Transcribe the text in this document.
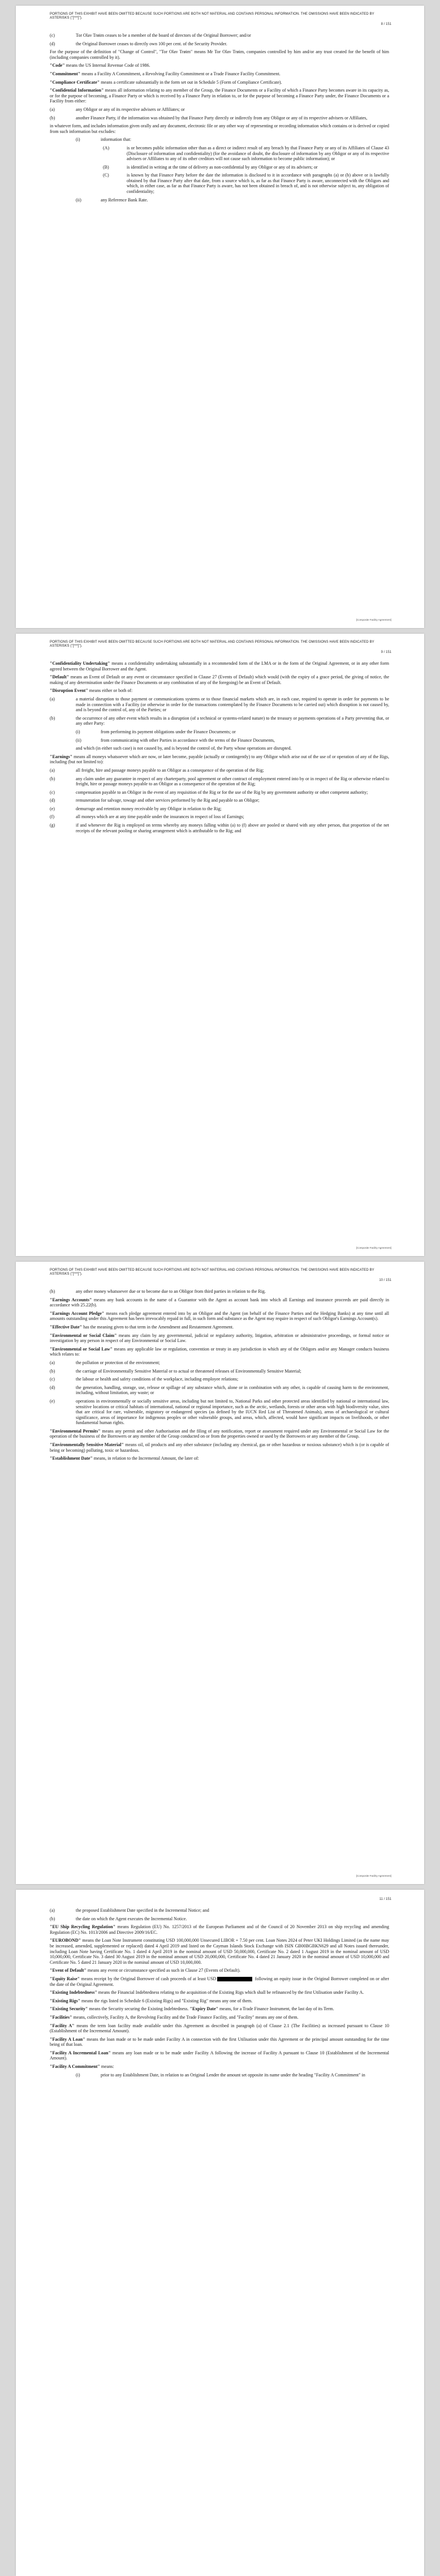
PORTIONS OF THIS EXHIBIT HAVE BEEN OMITTED BECAUSE SUCH PORTIONS ARE BOTH NOT MATERIAL AND CONTAINS PERSONAL INFORMATION. THE OMISSIONS HAVE BEEN INDICATED BY ASTERISKS ("[***]").
8 / 151
(c)	Tor Olav Trøim ceases to be a member of the board of directors of the Original Borrower; and/or
(d)	the Original Borrower ceases to directly own 100 per cent. of the Security Provider.

For the purpose of the definition of "Change of Control", "Tor Olav Trøim" means Mr Tor Olav Trøim, companies controlled by him and/or any trust created for the benefit of him (including companies controlled by it).

"Code" means the US Internal Revenue Code of 1986.

"Commitment" means a Facility A Commitment, a Revolving Facility Commitment or a Trade Finance Facility Commitment.

"Compliance Certificate" means a certificate substantially in the form set out in Schedule 5 (Form of Compliance Certificate).

"Confidential Information" means all information relating to any member of the Group, the Finance Documents or a Facility of which a Finance Party becomes aware in its capacity as, or for the purpose of becoming, a Finance Party or which is received by a Finance Party in relation to, or for the purpose of becoming a Finance Party under, the Finance Documents or a Facility from either:

(a)	any Obligor or any of its respective advisers or Affiliates; or
(b)	another Finance Party, if the information was obtained by that Finance Party directly or indirectly from any Obligor or any of its respective advisers or Affiliates,

in whatever form, and includes information given orally and any document, electronic file or any other way of representing or recording information which contains or is derived or copied from such information but excludes:

(i)	information that:
(A)	is or becomes public information other than as a direct or indirect result of any breach by that Finance Party or any of its Affiliates of Clause 43 (Disclosure of information and confidentiality) (for the avoidance of doubt, the disclosure of information by any Obligor or any of its respective advisers or Affiliates to any of its other creditors will not cause such information to become public information); or
(B)	is identified in writing at the time of delivery as non-confidential by any Obligor or any of its advisers; or
(C)	is known by that Finance Party before the date the information is disclosed to it in accordance with paragraphs (a) or (b) above or is lawfully obtained by that Finance Party after that date, from a source which is, as far as that Finance Party is aware, unconnected with the Obligors and which, in either case, as far as that Finance Party is aware, has not been obtained in breach of, and is not otherwise subject to, any obligation of confidentiality;
(ii)	any Reference Bank Rate.
[Composite Facility Agreement]
PORTIONS OF THIS EXHIBIT HAVE BEEN OMITTED BECAUSE SUCH PORTIONS ARE BOTH NOT MATERIAL AND CONTAINS PERSONAL INFORMATION. THE OMISSIONS HAVE BEEN INDICATED BY ASTERISKS ("[***]").
9 / 151

"Confidentiality Undertaking" means a confidentiality undertaking substantially in a recommended form of the LMA or in the form of the Original Agreement, or in any other form agreed between the Original Borrower and the Agent.

"Default" means an Event of Default or any event or circumstance specified in Clause 27 (Events of Default) which would (with the expiry of a grace period, the giving of notice, the making of any determination under the Finance Documents or any combination of any of the foregoing) be an Event of Default.

"Disruption Event" means either or both of:

(a)	a material disruption to those payment or communications systems or to those financial markets which are, in each case, required to operate in order for payments to be made in connection with a Facility (or otherwise in order for the transactions contemplated by the Finance Documents to be carried out) which disruption is not caused by, and is beyond the control of, any of the Parties; or
(b)	the occurrence of any other event which results in a disruption (of a technical or systems-related nature) to the treasury or payments operations of a Party preventing that, or any other Party:
(i)	from performing its payment obligations under the Finance Documents; or
(ii)	from communicating with other Parties in accordance with the terms of the Finance Documents,

and which (in either such case) is not caused by, and is beyond the control of, the Party whose operations are disrupted.

"Earnings" means all moneys whatsoever which are now, or later become, payable (actually or contingently) to any Obligor which arise out of the use of or operation of any of the Rigs, including (but not limited to):

(a)	all freight, hire and passage moneys payable to an Obligor as a consequence of the operation of the Rig;
(b)	any claim under any guarantee in respect of any charterparty, pool agreement or other contract of employment entered into by or in respect of the Rig or otherwise related to freight, hire or passage moneys payable to an Obligor as a consequence of the operation of the Rig;
(c)	compensation payable to an Obligor in the event of any requisition of the Rig or for the use of the Rig by any government authority or other competent authority;
(d)	remuneration for salvage, towage and other services performed by the Rig and payable to an Obligor;
(e)	demurrage and retention money receivable by any Obligor in relation to the Rig;
(f)	all moneys which are at any time payable under the insurances in respect of loss of Earnings;
(g)	if and whenever the Rig is employed on terms whereby any moneys falling within (a) to (f) above are pooled or shared with any other person, that proportion of the net receipts of the relevant pooling or sharing arrangement which is attributable to the Rig; and
[Composite Facility Agreement]
PORTIONS OF THIS EXHIBIT HAVE BEEN OMITTED BECAUSE SUCH PORTIONS ARE BOTH NOT MATERIAL AND CONTAINS PERSONAL INFORMATION. THE OMISSIONS HAVE BEEN INDICATED BY ASTERISKS ("[***]").
10 / 151
(h)	any other money whatsoever due or to become due to an Obligor from third parties in relation to the Rig.

"Earnings Accounts" means any bank accounts in the name of a Guarantor with the Agent as account bank into which all Earnings and insurance proceeds are paid directly in accordance with 25.22(b).

"Earnings Account Pledge" means each pledge agreement entered into by an Obligor and the Agent (on behalf of the Finance Parties and the Hedging Banks) at any time until all amounts outstanding under this Agreement has been irrevocably repaid in full, in such form and substance as the Agent may require in respect of such Obligor's Earnings Account(s).

"Effective Date" has the meaning given to that term in the Amendment and Restatement Agreement.

"Environmental or Social Claim" means any claim by any governmental, judicial or regulatory authority, litigation, arbitration or administrative proceedings, or formal notice or investigation by any person in respect of any Environmental or Social Law.

"Environmental or Social Law" means any applicable law or regulation, convention or treaty in any jurisdiction in which any of the Obligors and/or any Manager conducts business which relates to:

(a)	the pollution or protection of the environment;
(b)	the carriage of Environmentally Sensitive Material or to actual or threatened releases of Environmentally Sensitive Material;
(c)	the labour or health and safety conditions of the workplace, including employee relations;
(d)	the generation, handling, storage, use, release or spillage of any substance which, alone or in combination with any other, is capable of causing harm to the environment, including, without limitation, any waste; or
(e)	operations in environmentally or socially sensitive areas, including but not limited to, National Parks and other protected areas identified by national or international law, sensitive locations or critical habitats of international, national or regional importance, such as the arctic, wetlands, forests or other areas with high biodiversity value, sites that are critical for rare, vulnerable, migratory or endangered species (as defined by the IUCN Red List of Threatened Animals), areas of archaeological or cultural significance, areas of importance for indigenous peoples or other vulnerable groups, and areas, which, affected, would have significant impacts on livelihoods, or other fundamental human rights.

"Environmental Permits" means any permit and other Authorisation and the filing of any notification, report or assessment required under any Environmental or Social Law for the operation of the business of the Borrowers or any member of the Group conducted on or from the properties owned or used by the Borrowers or any member of the Group.

"Environmentally Sensitive Material" means oil, oil products and any other substance (including any chemical, gas or other hazardous or noxious substance) which is (or is capable of being or becoming) polluting, toxic or hazardous.

"Establishment Date" means, in relation to the Incremental Amount, the later of:

[Composite Facility Agreement]
11 / 151
(a)	the proposed Establishment Date specified in the Incremental Notice; and
(b)	the date on which the Agent executes the Incremental Notice.

"EU Ship Recycling Regulation" means Regulation (EU) No. 1257/2013 of the European Parliament and of the Council of 20 November 2013 on ship recycling and amending Regulation (EC) No. 1013/2006 and Directive 2009/16/EC.

"EUROBOND" means the Loan Note Instrument constituting USD 100,000,000 Unsecured LIBOR + 7.50 per cent. Loan Notes 2024 of Peter UKI Holdings Limited (as the name may be increased, amended, supplemented or replaced) dated 4 April 2019 and listed on the Cayman Islands Stock Exchange with ISIN GB00BGBKN629 and all Notes issued thereunder, including Loan Note having Certificate No. 1 dated 4 April 2019 in the nominal amount of USD 50,000,000, Certificate No. 2 dated 1 August 2019 in the nominal amount of USD 10,000,000, Certificate No. 3 dated 30 August 2019 in the nominal amount of USD 20,000,000, Certificate No. 4 dated 21 January 2020 in the nominal amount of USD 10,000,000 and Certificate No. 5 dated 21 January 2020 in the nominal amount of USD 10,000,000.

"Event of Default" means any event or circumstance specified as such in Clause 27 (Events of Default).

"Equity Raise" means receipt by the Original Borrower of cash proceeds of at least USD	following an equity issue in the Original Borrower completed on or after the date of the Original Agreement.

"Existing Indebtedness" means the Financial Indebtedness relating to the acquisition of the Existing Rigs which shall be refinanced by the first Utilisation under Facility A.

"Existing Rigs" means the rigs listed in Schedule 6 (Existing Rigs) and "Existing Rig" means any one of them.

"Existing Security" means the Security securing the Existing Indebtedness. "Expiry Date" means, for a Trade Finance Instrument, the last day of its Term.

"Facilities" means, collectively, Facility A, the Revolving Facility and the Trade Finance Facility, and "Facility" means any one of them.

"Facility A" means the term loan facility made available under this Agreement as described in paragraph (a) of Clause 2.1 (The Facilities) as increased pursuant to Clause 10 (Establishment of the Incremental Amount).

"Facility A Loan" means the loan made or to be made under Facility A in connection with the first Utilisation under this Agreement or the principal amount outstanding for the time being of that loan.

"Facility A Incremental Loan" means any loan made or to be made under Facility A following the increase of Facility A pursuant to Clause 10 (Establishment of the Incremental Amount).

"Facility A Commitment" means:

(i)	prior to any Establishment Date, in relation to an Original Lender the amount set opposite its name under the heading "Facility A Commitment" in
